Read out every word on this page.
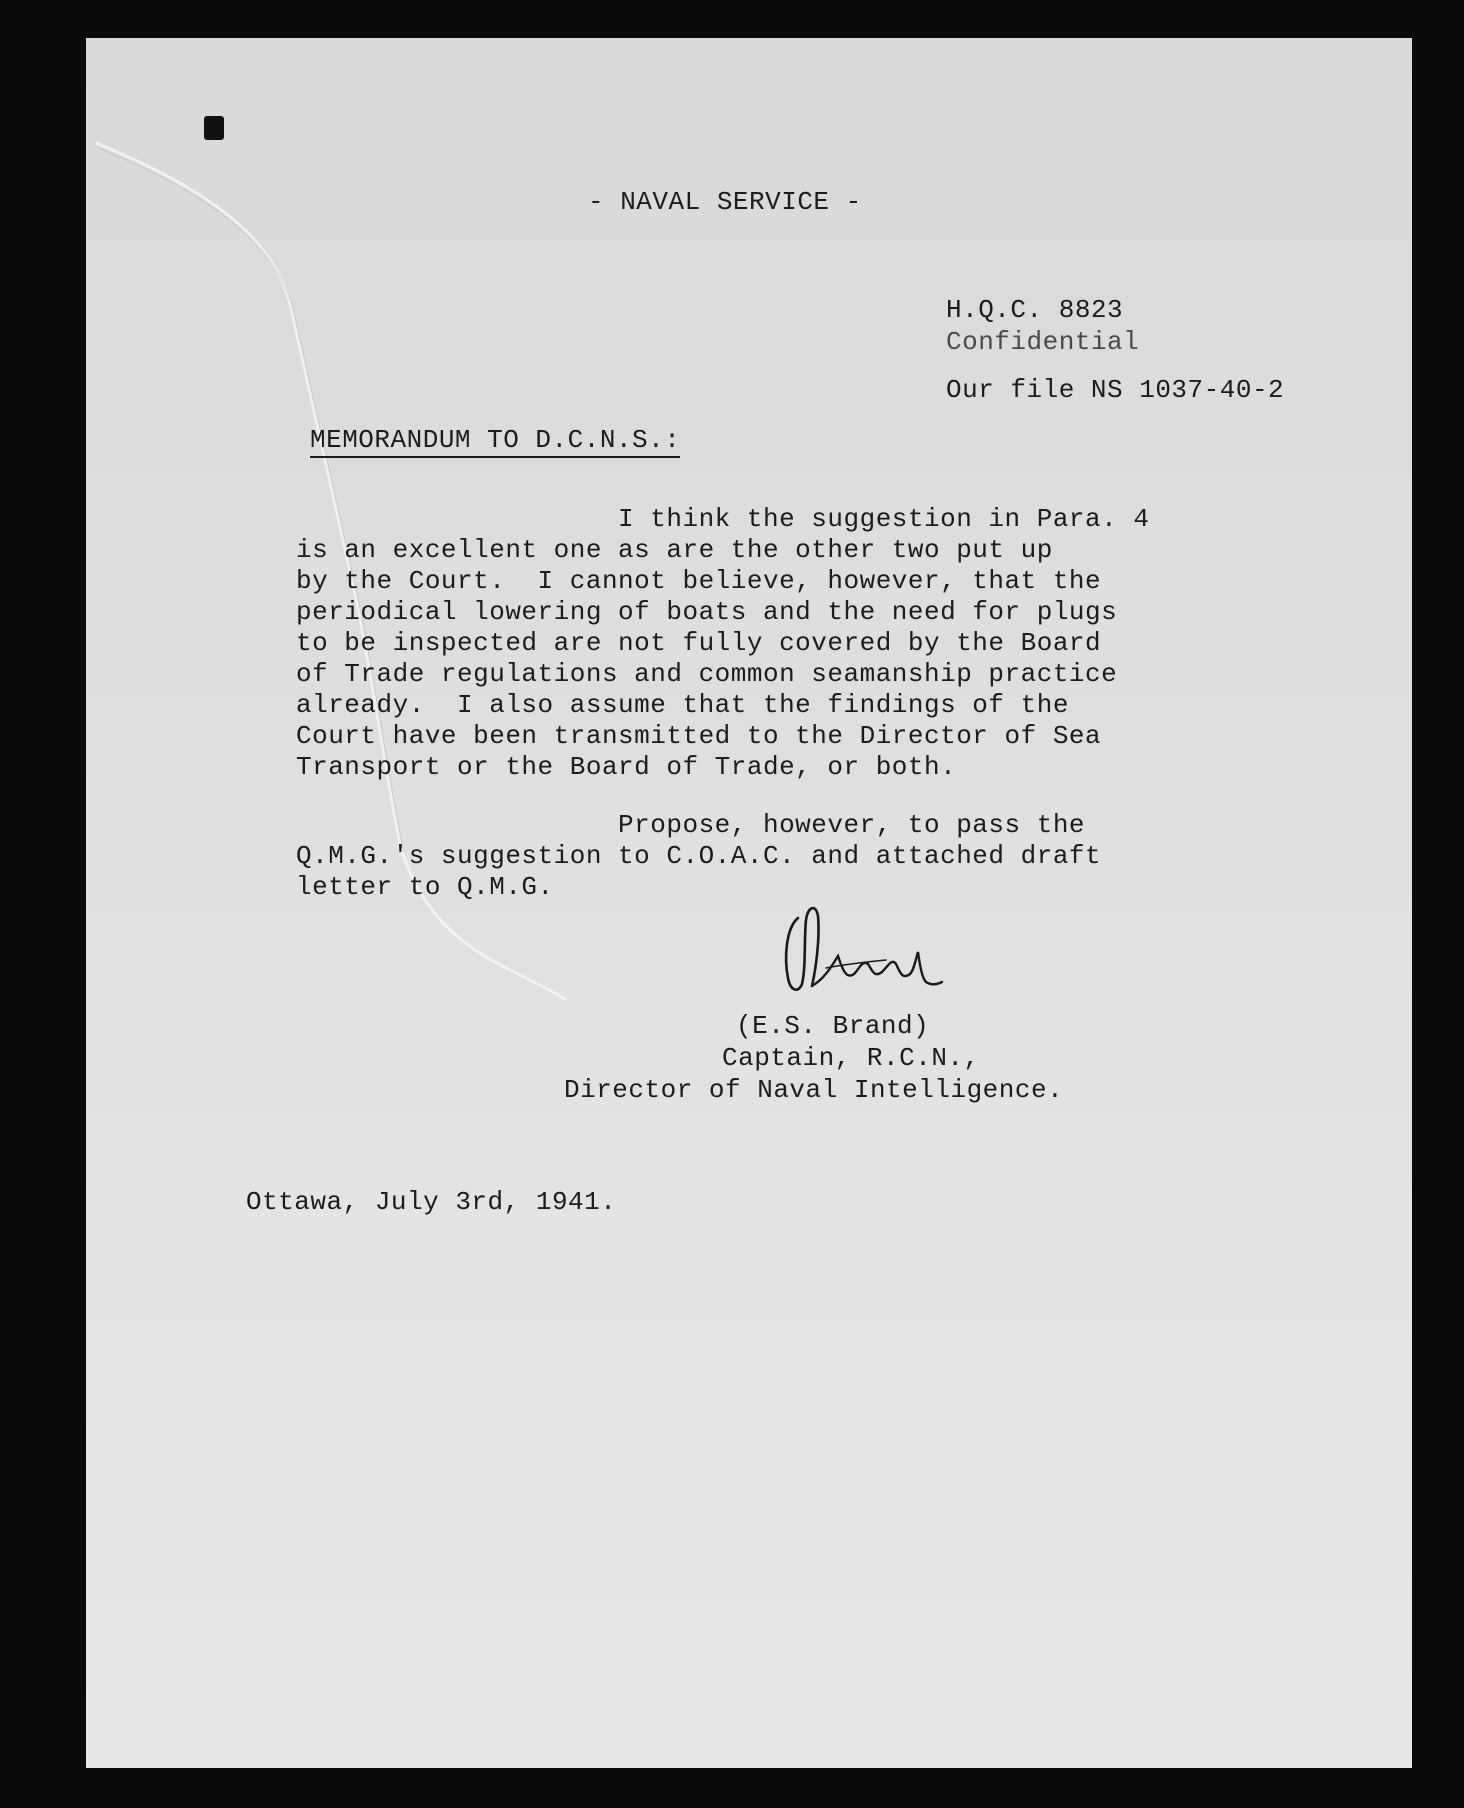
- NAVAL SERVICE -
H.Q.C. 8823
Confidential
Our file NS 1037-40-2
MEMORANDUM TO D.C.N.S.:
I think the suggestion in Para. 4
is an excellent one as are the other two put up
by the Court.  I cannot believe, however, that the
periodical lowering of boats and the need for plugs
to be inspected are not fully covered by the Board
of Trade regulations and common seamanship practice
already.  I also assume that the findings of the
Court have been transmitted to the Director of Sea
Transport or the Board of Trade, or both.
Propose, however, to pass the
Q.M.G.'s suggestion to C.O.A.C. and attached draft
letter to Q.M.G.
(E.S. Brand)
Captain, R.C.N.,
Director of Naval Intelligence.
Ottawa, July 3rd, 1941.
